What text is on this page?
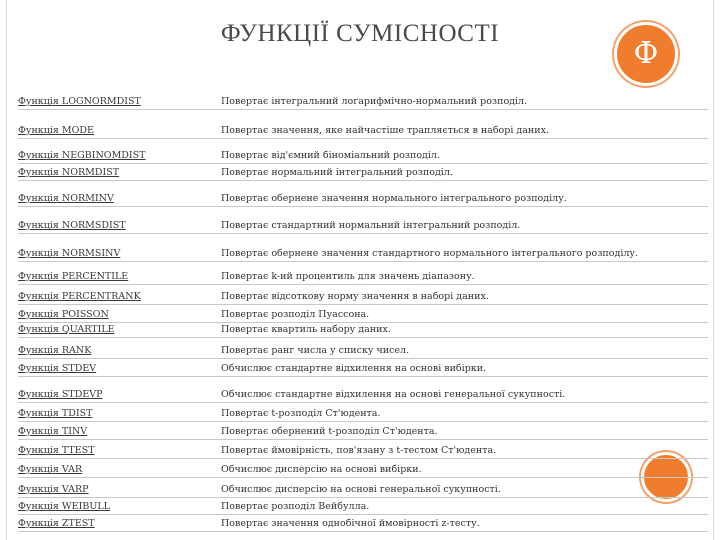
ФУНКЦІЇ СУМІСНОСТІ
Ф
Функція LOGNORMDIST	Повертає інтегральний логарифмічно-нормальний розподіл.
Функція MODE	Повертає значення, яке найчастіше трапляється в наборі даних.
Функція NEGBINOMDIST	Повертає від'ємний біноміальний розподіл.
Функція NORMDIST	Повертає нормальний інтегральний розподіл.
Функція NORMINV	Повертає обернене значення нормального інтегрального розподілу.
Функція NORMSDIST	Повертає стандартний нормальний інтегральний розподіл.
Функція NORMSINV	Повертає обернене значення стандартного нормального інтегрального розподілу.
Функція PERCENTILE	Повертає k-ий процентиль для значень діапазону.
Функція PERCENTRANK	Повертає відсоткову норму значення в наборі даних.
Функція POISSON	Повертає розподіл Пуассона.
Функція QUARTILE	Повертає квартиль набору даних.
Функція RANK	Повертає ранг числа у списку чисел.
Функція STDEV	Обчислює стандартне відхилення на основі вибірки.
Функція STDEVP	Обчислює стандартне відхилення на основі генеральної сукупності.
Функція TDIST	Повертає t-розподіл Ст'юдента.
Функція TINV	Повертає обернений t-розподіл Ст'юдента.
Функція TTEST	Повертає ймовірність, пов'язану з t-тестом Ст'юдента.
Функція VAR	Обчислює дисперсію на основі вибірки.
Функція VARP	Обчислює дисперсію на основі генеральної сукупності.
Функція WEIBULL	Повертає розподіл Вейбулла.
Функція ZTEST	Повертає значення однобічної ймовірності z-тесту.
